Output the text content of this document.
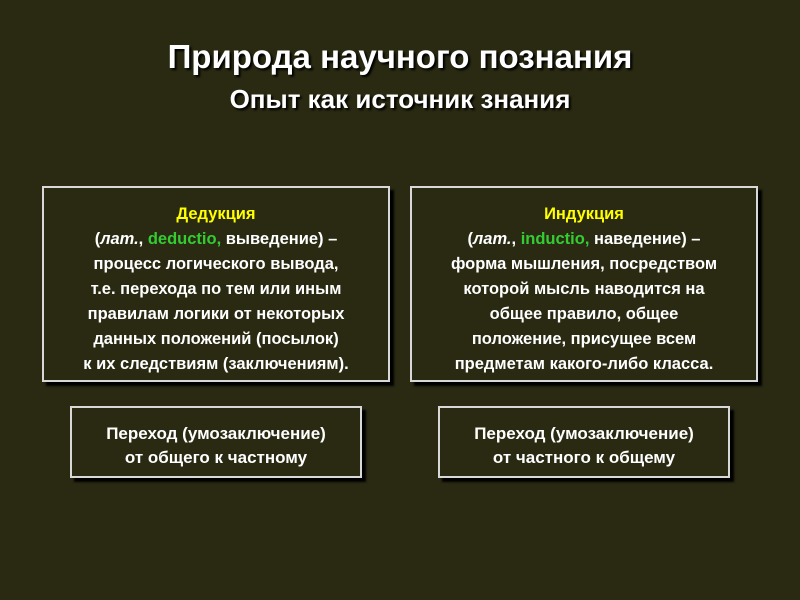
Природа научного познания
Опыт как источник знания
Дедукция
(лат., deductio, выведение) –
процесс логического вывода,
т.е. перехода по тем или иным
правилам логики от некоторых
данных положений (посылок)
к их следствиям (заключениям).
Индукция
(лат., inductio, наведение) –
форма мышления, посредством
которой мысль наводится на
общее правило, общее
положение, присущее всем
предметам какого-либо класса.
Переход (умозаключение)
от общего к частному
Переход (умозаключение)
от частного к общему
